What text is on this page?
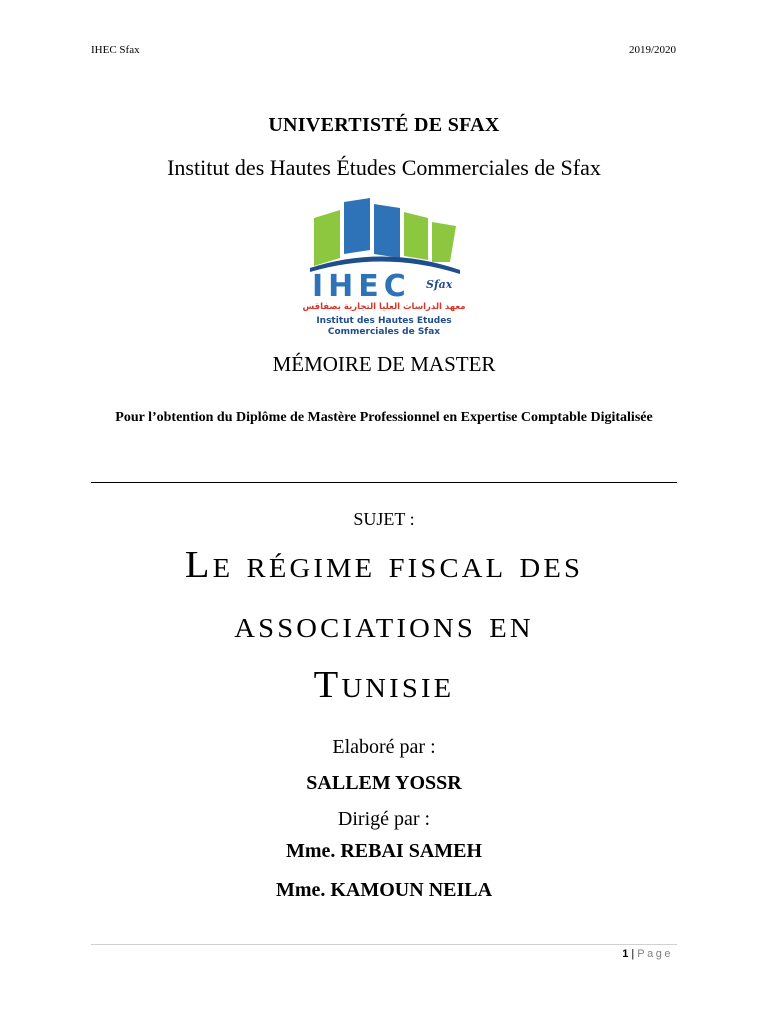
IHEC Sfax	2019/2020
UNIVERTISTÉ DE SFAX
Institut des Hautes Études Commerciales de Sfax
IHEC Sfax
معهد الدراسات العليا التجارية بصفاقس
Institut des Hautes Etudes
Commerciales de Sfax
MÉMOIRE DE MASTER
Pour l’obtention du Diplôme de Mastère Professionnel en Expertise Comptable Digitalisée
SUJET :
Le régime fiscal des
associations en
Tunisie
Elaboré par :
SALLEM YOSSR
Dirigé par :
Mme. REBAI SAMEH
Mme. KAMOUN NEILA
1 | Page
